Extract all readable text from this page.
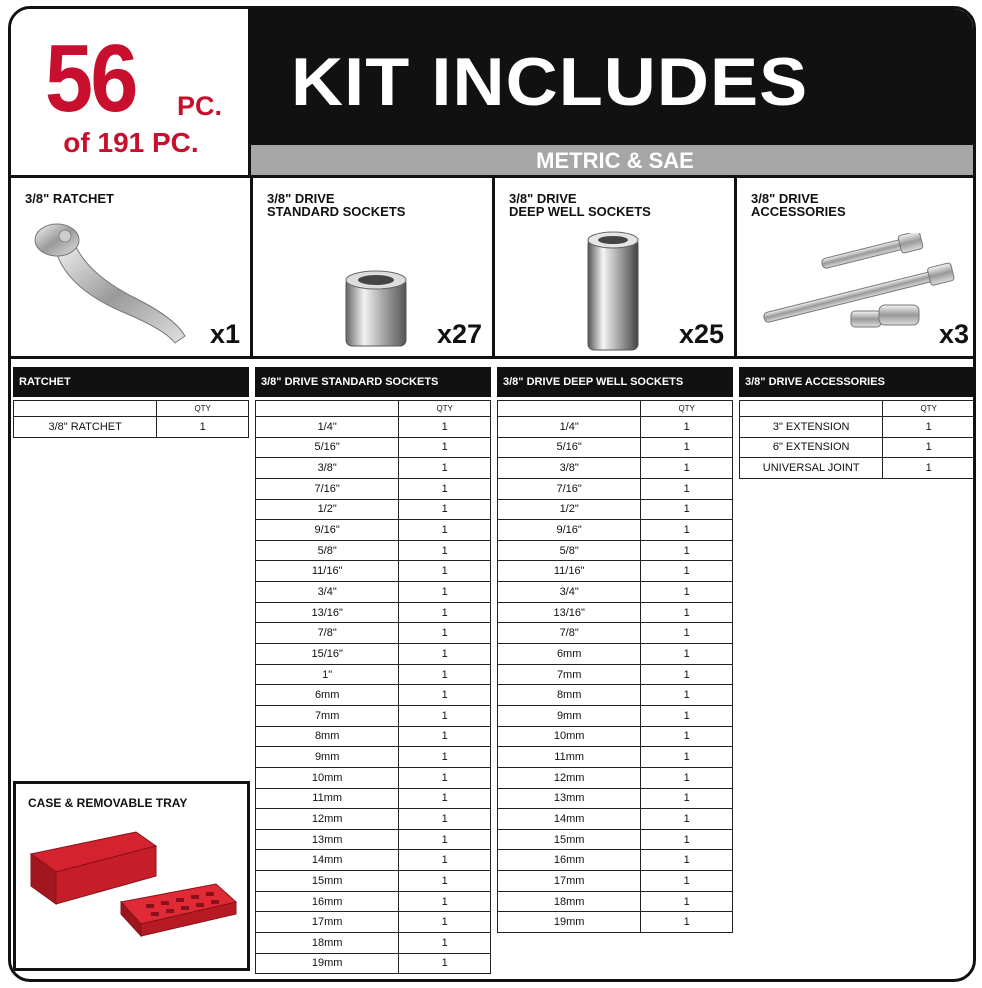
56 PC.
of 191 PC.
KIT INCLUDES
METRIC & SAE
3/8" RATCHET
x1
3/8" DRIVE
STANDARD SOCKETS
x27
3/8" DRIVE
DEEP WELL SOCKETS
x25
3/8" DRIVE
ACCESSORIES
x3
RATCHET
	QTY
3/8" RATCHET	1
3/8" DRIVE STANDARD SOCKETS
	QTY
1/4"	1
5/16"	1
3/8"	1
7/16"	1
1/2"	1
9/16"	1
5/8"	1
11/16"	1
3/4"	1
13/16"	1
7/8"	1
15/16"	1
1"	1
6mm	1
7mm	1
8mm	1
9mm	1
10mm	1
11mm	1
12mm	1
13mm	1
14mm	1
15mm	1
16mm	1
17mm	1
18mm	1
19mm	1
3/8" DRIVE DEEP WELL SOCKETS
	QTY
1/4"	1
5/16"	1
3/8"	1
7/16"	1
1/2"	1
9/16"	1
5/8"	1
11/16"	1
3/4"	1
13/16"	1
7/8"	1
6mm	1
7mm	1
8mm	1
9mm	1
10mm	1
11mm	1
12mm	1
13mm	1
14mm	1
15mm	1
16mm	1
17mm	1
18mm	1
19mm	1
3/8" DRIVE ACCESSORIES
	QTY
3" EXTENSION	1
6" EXTENSION	1
UNIVERSAL JOINT	1
CASE & REMOVABLE TRAY
